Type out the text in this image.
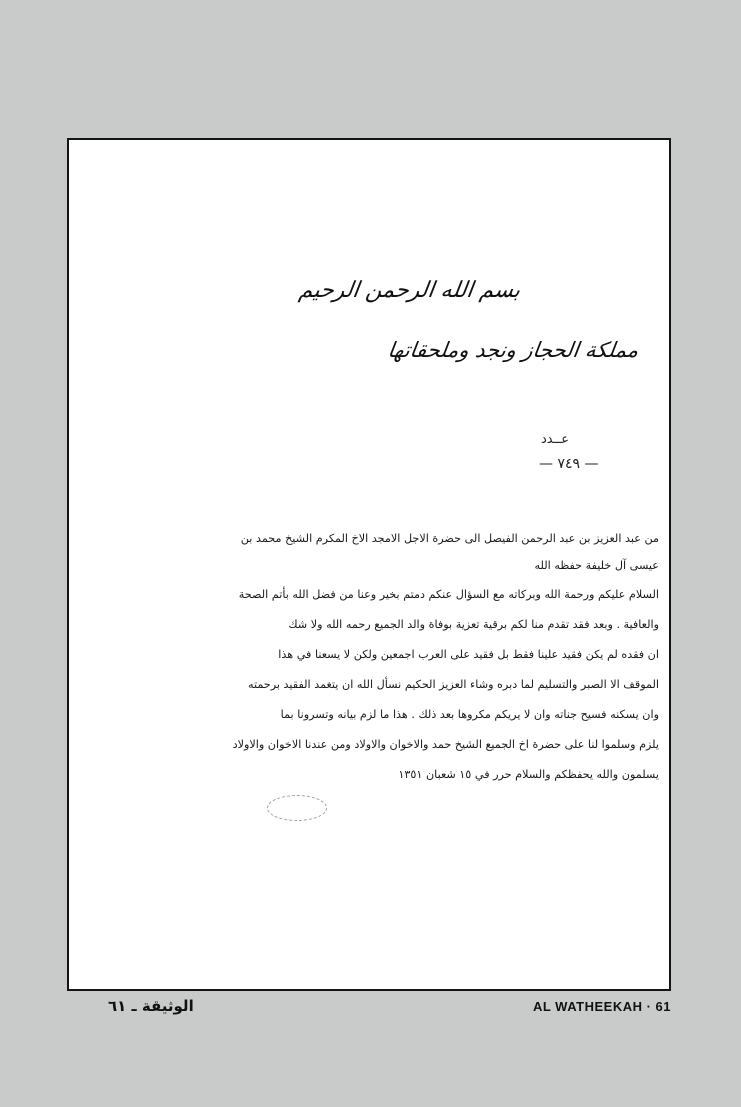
بسم الله الرحمن الرحيم
مملكة الحجاز ونجد وملحقاتها
عــدد
— ٧٤٩ —
من عبد العزيز بن عبد الرحمن الفيصل الى حضرة الاجل الامجد الاخ المكرم الشيخ محمد بن
عيسى آل خليفة حفظه الله
السلام عليكم ورحمة الله وبركاته مع السؤال عنكم دمتم بخير وعنا من فضل الله بأتم الصحة
والعافية . وبعد فقد تقدم منا لكم برقية تعزية بوفاة والد الجميع رحمه الله ولا شك
ان فقده لم يكن فقيد علينا فقط بل فقيد على العرب اجمعين ولكن لا يسعنا في هذا
الموقف الا الصبر والتسليم لما دبره وشاء العزيز الحكيم نسأل الله ان يتغمد الفقيد برحمته
وان يسكنه فسيح جناته وان لا يريكم مكروها بعد ذلك . هذا ما لزم بيانه وتسرونا بما
يلزم وسلموا لنا على حضرة اخ الجميع الشيخ حمد والاخوان والاولاد ومن عندنا الاخوان والاولاد
يسلمون والله يحفظكم والسلام حرر في ١٥ شعبان ١٣٥١
الوثيقة ـ ٦١	AL WATHEEKAH · 61
